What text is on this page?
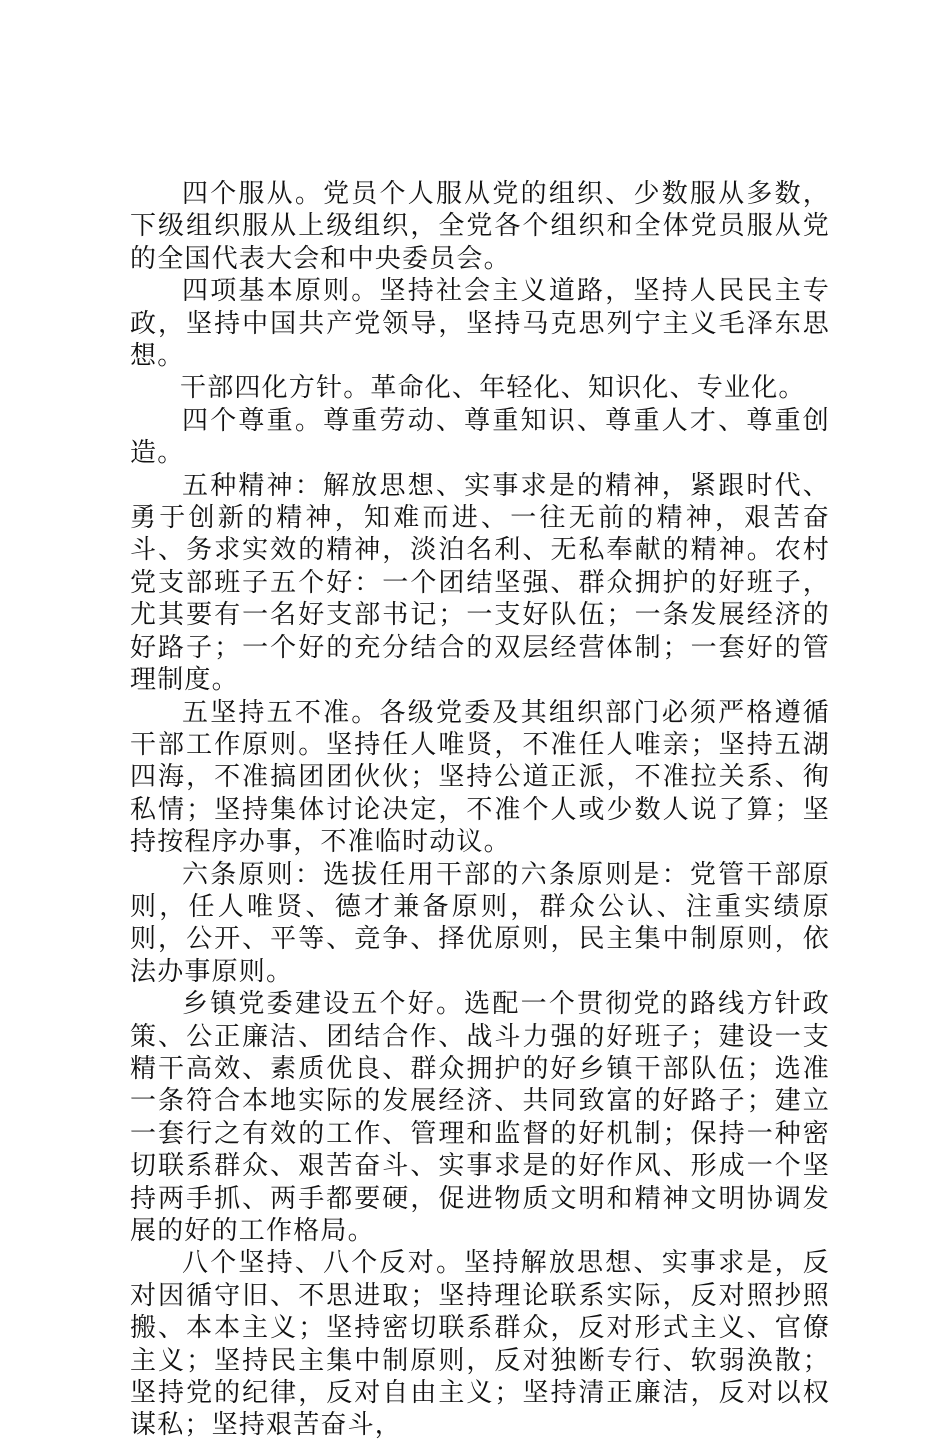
四个服从。党员个人服从党的组织、少数服从多数，下级组织服从上级组织，全党各个组织和全体党员服从党的全国代表大会和中央委员会。

四项基本原则。坚持社会主义道路，坚持人民民主专政，坚持中国共产党领导，坚持马克思列宁主义毛泽东思想。

干部四化方针。革命化、年轻化、知识化、专业化。

四个尊重。尊重劳动、尊重知识、尊重人才、尊重创造。

五种精神：解放思想、实事求是的精神，紧跟时代、勇于创新的精神，知难而进、一往无前的精神，艰苦奋斗、务求实效的精神，淡泊名利、无私奉献的精神。农村党支部班子五个好：一个团结坚强、群众拥护的好班子，尤其要有一名好支部书记；一支好队伍；一条发展经济的好路子；一个好的充分结合的双层经营体制；一套好的管理制度。

五坚持五不准。各级党委及其组织部门必须严格遵循干部工作原则。坚持任人唯贤，不准任人唯亲；坚持五湖四海，不准搞团团伙伙；坚持公道正派，不准拉关系、徇私情；坚持集体讨论决定，不准个人或少数人说了算；坚持按程序办事，不准临时动议。

六条原则：选拔任用干部的六条原则是：党管干部原则，任人唯贤、德才兼备原则，群众公认、注重实绩原则，公开、平等、竞争、择优原则，民主集中制原则，依法办事原则。

乡镇党委建设五个好。选配一个贯彻党的路线方针政策、公正廉洁、团结合作、战斗力强的好班子；建设一支精干高效、素质优良、群众拥护的好乡镇干部队伍；选准一条符合本地实际的发展经济、共同致富的好路子；建立一套行之有效的工作、管理和监督的好机制；保持一种密切联系群众、艰苦奋斗、实事求是的好作风、形成一个坚持两手抓、两手都要硬，促进物质文明和精神文明协调发展的好的工作格局。

八个坚持、八个反对。坚持解放思想、实事求是，反对因循守旧、不思进取；坚持理论联系实际，反对照抄照搬、本本主义；坚持密切联系群众，反对形式主义、官僚主义；坚持民主集中制原则，反对独断专行、软弱涣散；坚持党的纪律，反对自由主义；坚持清正廉洁，反对以权谋私；坚持艰苦奋斗，
